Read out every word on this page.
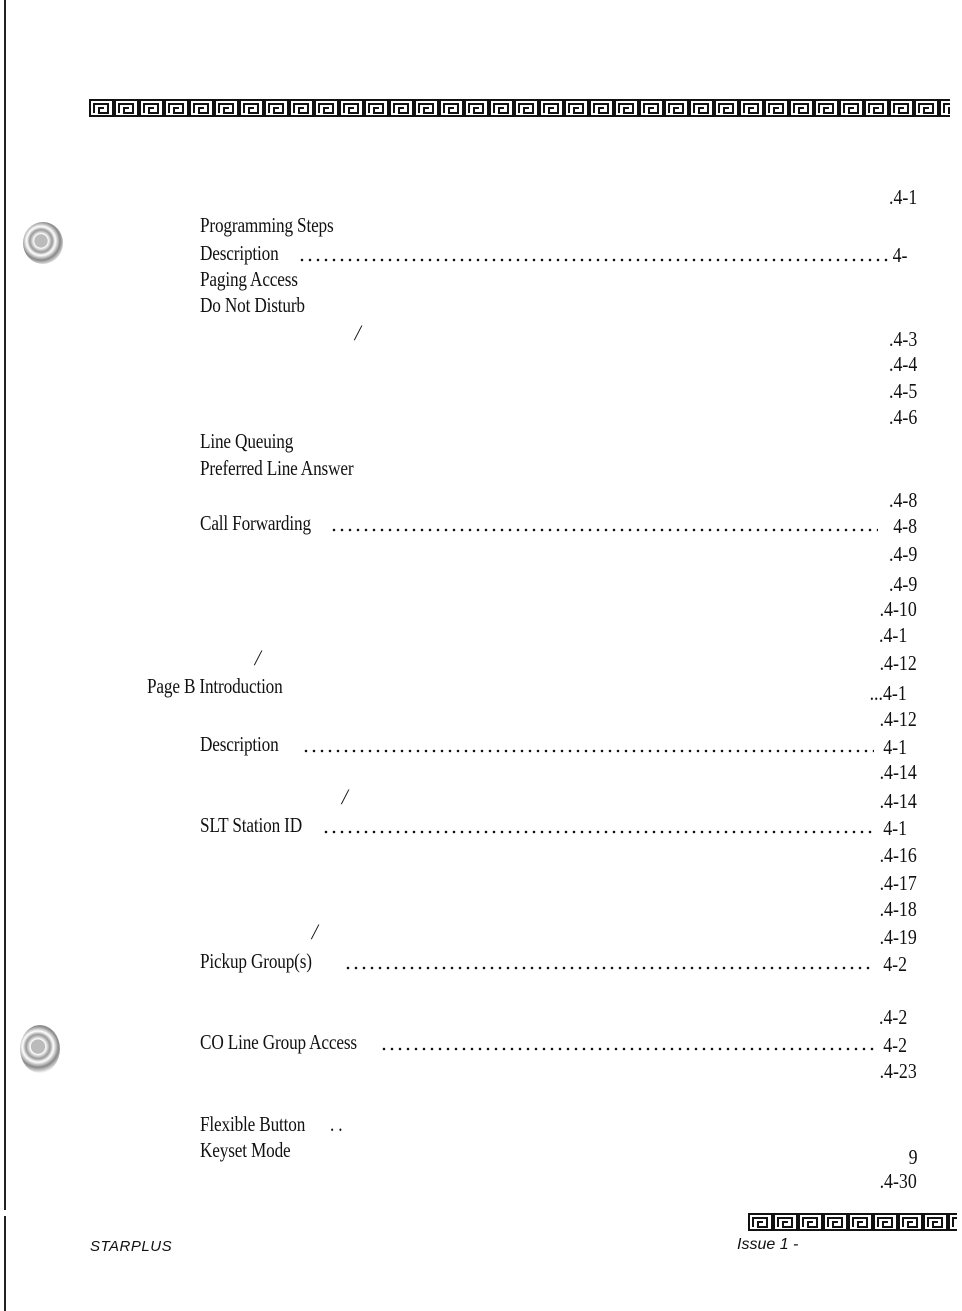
.4-1
Programming Steps
Description	4-
Paging Access
Do Not Disturb
/	.4-3
.4-4
.4-5
.4-6
Line Queuing
Preferred Line Answer
.4-8
Call Forwarding	4-8
.4-9
.4-9
.4-10
.4-1
/	.4-12
Page B Introduction	...4-1
.4-12
Description	4-1
.4-14
/	.4-14
SLT Station ID	4-1
.4-16
.4-17
.4-18
/	.4-19
Pickup Group(s)	4-2
.4-2
CO Line Group Access	4-2
.4-23
Flexible Button . .
Keyset Mode	9
.4-30
STARPLUS	Issue 1 -
